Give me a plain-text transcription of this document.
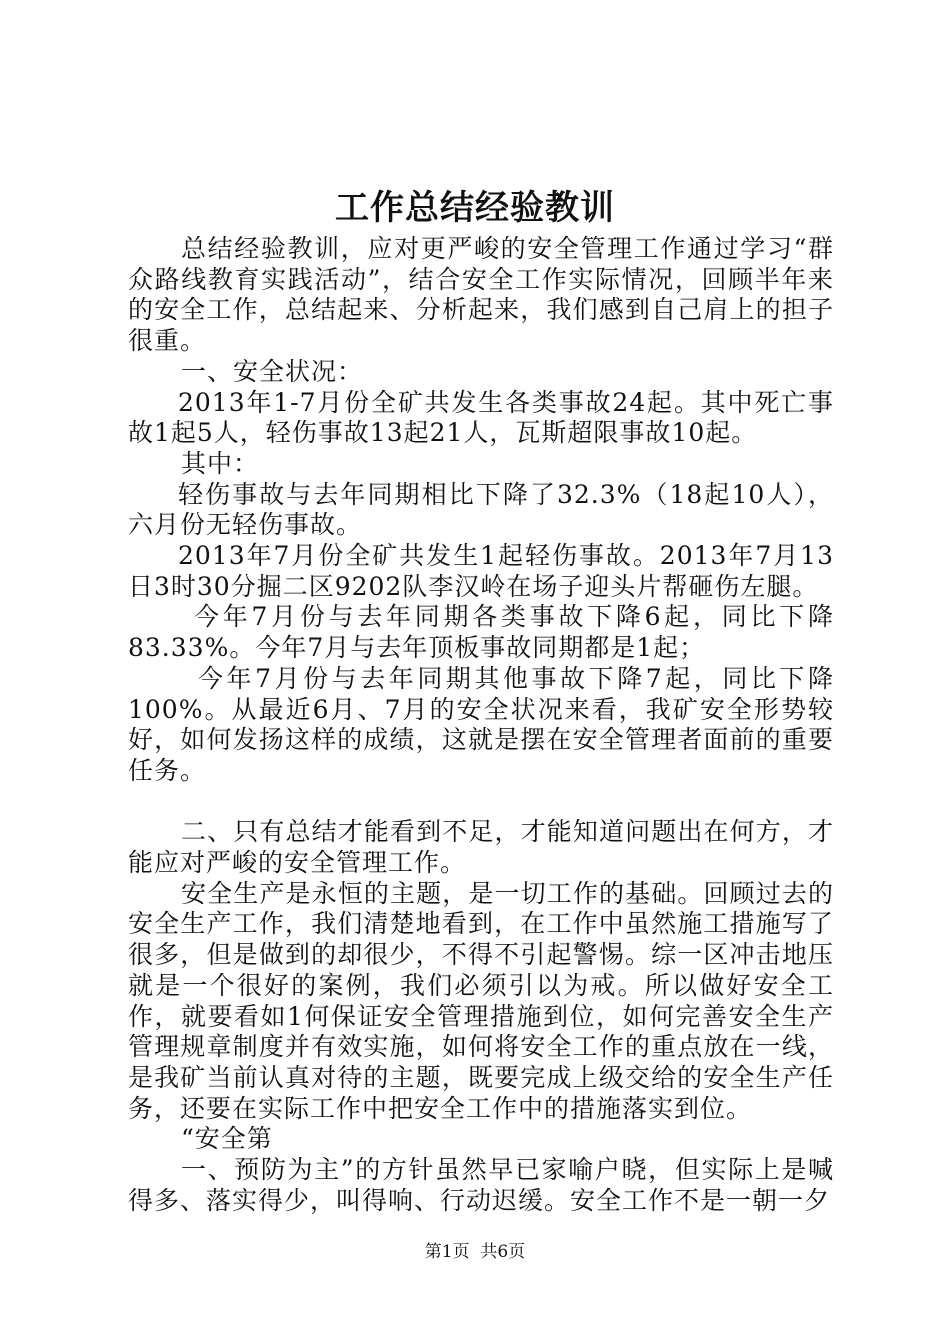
工作总结经验教训

总结经验教训，应对更严峻的安全管理工作通过学习“群众路线教育实践活动”，结合安全工作实际情况，回顾半年来的安全工作，总结起来、分析起来，我们感到自己肩上的担子很重。

一、安全状况：

2013年1-7月份全矿共发生各类事故24起。其中死亡事故1起5人，轻伤事故13起21人，瓦斯超限事故10起。

其中：

轻伤事故与去年同期相比下降了32.3%（18起10人），六月份无轻伤事故。

2013年7月份全矿共发生1起轻伤事故。2013年7月13日3时30分掘二区9202队李汉岭在场子迎头片帮砸伤左腿。

今年7月份与去年同期各类事故下降6起，同比下降83.33%。今年7月与去年顶板事故同期都是1起；

今年7月份与去年同期其他事故下降7起，同比下降100%。从最近6月、7月的安全状况来看，我矿安全形势较好，如何发扬这样的成绩，这就是摆在安全管理者面前的重要任务。

二、只有总结才能看到不足，才能知道问题出在何方，才能应对严峻的安全管理工作。

安全生产是永恒的主题，是一切工作的基础。回顾过去的安全生产工作，我们清楚地看到，在工作中虽然施工措施写了很多，但是做到的却很少，不得不引起警惕。综一区冲击地压就是一个很好的案例，我们必须引以为戒。所以做好安全工作，就要看如1何保证安全管理措施到位，如何完善安全生产管理规章制度并有效实施，如何将安全工作的重点放在一线，是我矿当前认真对待的主题，既要完成上级交给的安全生产任务，还要在实际工作中把安全工作中的措施落实到位。

“安全第

一、预防为主”的方针虽然早已家喻户晓，但实际上是喊得多、落实得少，叫得响、行动迟缓。安全工作不是一朝一夕

第1页  共6页
